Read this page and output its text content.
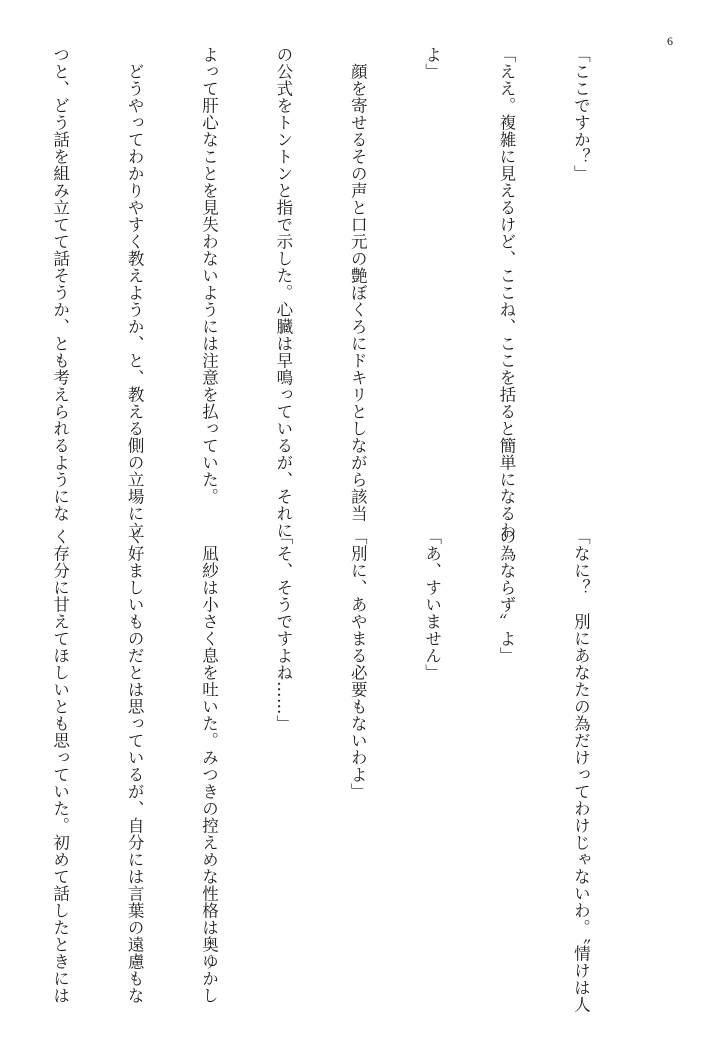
6

「ここですか？」

「ええ。複雑に見えるけど、ここね、ここを括ると簡単になるわ

よ」

　顔を寄せるその声と口元の艶ぼくろにドキリとしながら該当

の公式をトントンと指で示した。心臓は早鳴っているが、それに

よって肝心なことを見失わないようには注意を払っていた。

　どうやってわかりやすく教えようか、と、教える側の立場に立

つと、どう話を組み立てて話そうか、とも考えられるようにな

「なに？　別にあなたの為だけってわけじゃないわ。〝情けは人

の為ならず〟よ」

「あ、すいません」

「別に、あやまる必要もないわよ」

「そ、そうですよね……」

　凪紗は小さく息を吐いた。みつきの控えめな性格は奥ゆかし

く好ましいものだとは思っているが、自分には言葉の遠慮もな

く存分に甘えてほしいとも思っていた。初めて話したときには
